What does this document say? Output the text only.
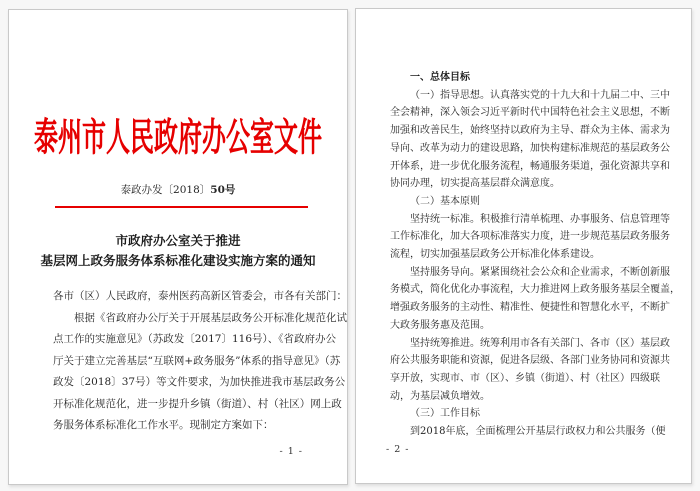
泰州市人民政府办公室文件
泰政办发〔2018〕50号
市政府办公室关于推进
基层网上政务服务体系标准化建设实施方案的通知
各市（区）人民政府，泰州医药高新区管委会，市各有关部门：
根据《省政府办公厅关于开展基层政务公开标准化规范化试
点工作的实施意见》（苏政发〔2017〕116号）、《省政府办公
厅关于建立完善基层“互联网+政务服务”体系的指导意见》（苏
政发〔2018〕37号）等文件要求，为加快推进我市基层政务公
开标准化规范化，进一步提升乡镇（街道）、村（社区）网上政
务服务体系标准化工作水平。现制定方案如下：
- 1 -
一、总体目标
（一）指导思想。认真落实党的十九大和十九届二中、三中
全会精神，深入领会习近平新时代中国特色社会主义思想，不断
加强和改善民生，始终坚持以政府为主导、群众为主体、需求为
导向、改革为动力的建设思路，加快构建标准规范的基层政务公
开体系，进一步优化服务流程，畅通服务渠道，强化资源共享和
协同办理，切实提高基层群众满意度。
（二）基本原则
坚持统一标准。积极推行清单梳理、办事服务、信息管理等
工作标准化，加大各项标准落实力度，进一步规范基层政务服务
流程，切实加强基层政务公开标准化体系建设。
坚持服务导向。紧紧围绕社会公众和企业需求，不断创新服
务模式，简化优化办事流程，大力推进网上政务服务基层全覆盖，
增强政务服务的主动性、精准性、便捷性和智慧化水平，不断扩
大政务服务惠及范围。
坚持统筹推进。统筹利用市各有关部门、各市（区）基层政
府公共服务职能和资源，促进各层级、各部门业务协同和资源共
享开放，实现市、市（区）、乡镇（街道）、村（社区）四级联
动，为基层减负增效。
（三）工作目标
到2018年底，全面梳理公开基层行政权力和公共服务（便
- 2 -
